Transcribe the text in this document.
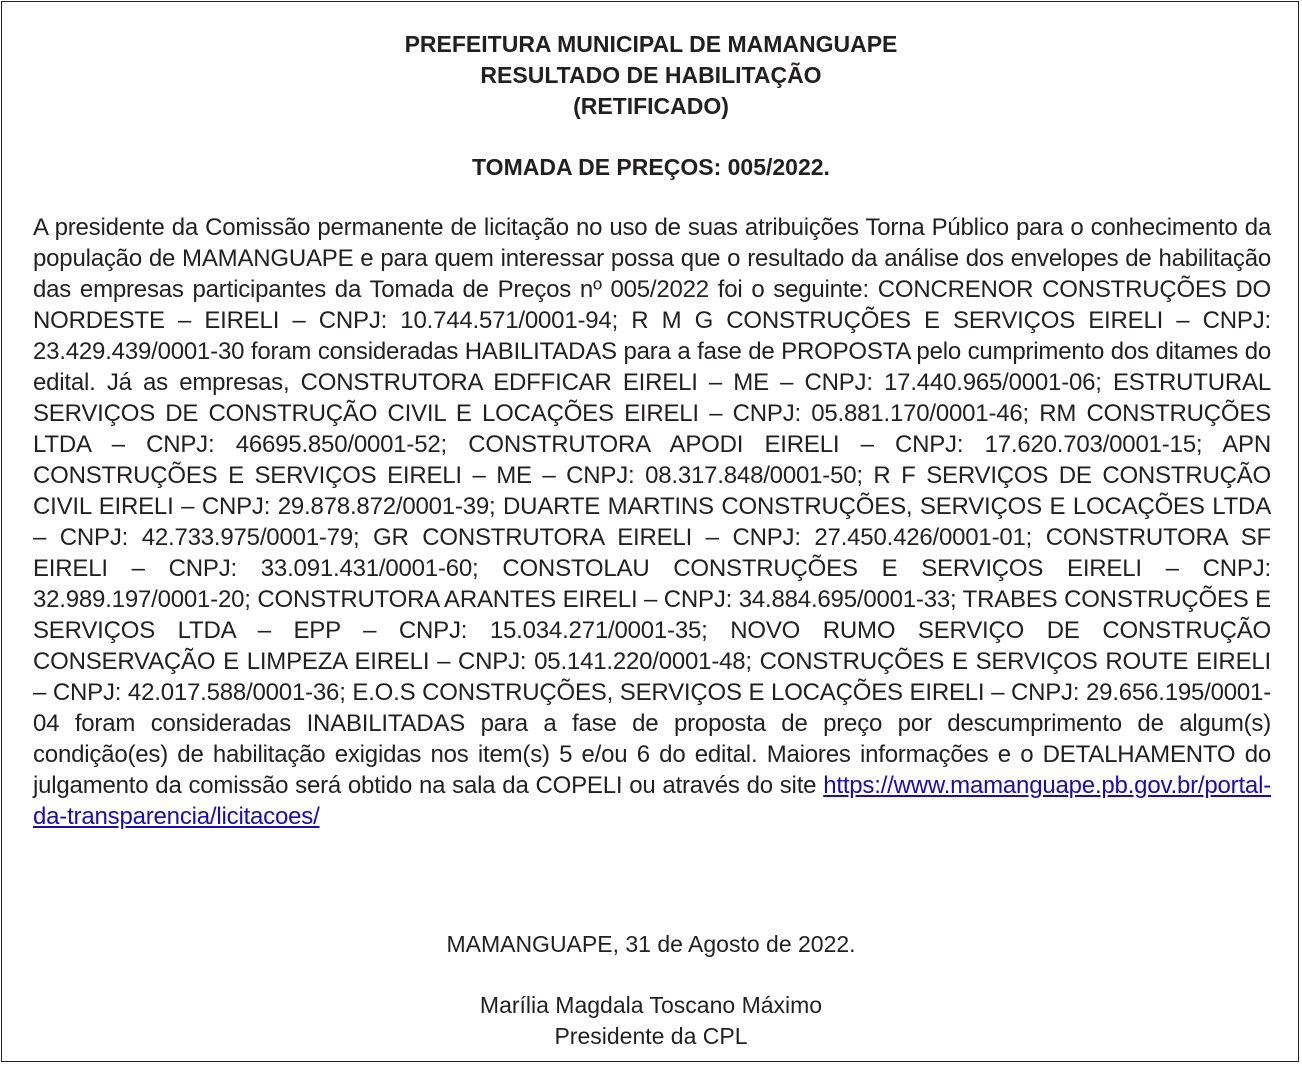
PREFEITURA MUNICIPAL DE MAMANGUAPE
RESULTADO DE HABILITAÇÃO
(RETIFICADO)
TOMADA DE PREÇOS: 005/2022.
A presidente da Comissão permanente de licitação no uso de suas atribuições Torna Público para o conhecimento da população de MAMANGUAPE e para quem interessar possa que o resultado da análise dos envelopes de habilitação das empresas participantes da Tomada de Preços nº 005/2022 foi o seguinte: CONCRENOR CONSTRUÇÕES DO NORDESTE – EIRELI – CNPJ: 10.744.571/0001-94; R M G CONSTRUÇÕES E SERVIÇOS EIRELI – CNPJ: 23.429.439/0001-30 foram consideradas HABILITADAS para a fase de PROPOSTA pelo cumprimento dos ditames do edital. Já as empresas, CONSTRUTORA EDFFICAR EIRELI – ME – CNPJ: 17.440.965/0001-06; ESTRUTURAL SERVIÇOS DE CONSTRUÇÃO CIVIL E LOCAÇÕES EIRELI – CNPJ: 05.881.170/0001-46; RM CONSTRUÇÕES LTDA – CNPJ: 46695.850/0001-52; CONSTRUTORA APODI EIRELI – CNPJ: 17.620.703/0001-15; APN CONSTRUÇÕES E SERVIÇOS EIRELI – ME – CNPJ: 08.317.848/0001-50; R F SERVIÇOS DE CONSTRUÇÃO CIVIL EIRELI – CNPJ: 29.878.872/0001-39; DUARTE MARTINS CONSTRUÇÕES, SERVIÇOS E LOCAÇÕES LTDA – CNPJ: 42.733.975/0001-79; GR CONSTRUTORA EIRELI – CNPJ: 27.450.426/0001-01; CONSTRUTORA SF EIRELI – CNPJ: 33.091.431/0001-60; CONSTOLAU CONSTRUÇÕES E SERVIÇOS EIRELI – CNPJ: 32.989.197/0001-20; CONSTRUTORA ARANTES EIRELI – CNPJ: 34.884.695/0001-33; TRABES CONSTRUÇÕES E SERVIÇOS LTDA – EPP – CNPJ: 15.034.271/0001-35; NOVO RUMO SERVIÇO DE CONSTRUÇÃO CONSERVAÇÃO E LIMPEZA EIRELI – CNPJ: 05.141.220/0001-48; CONSTRUÇÕES E SERVIÇOS ROUTE EIRELI – CNPJ: 42.017.588/0001-36; E.O.S CONSTRUÇÕES, SERVIÇOS E LOCAÇÕES EIRELI – CNPJ: 29.656.195/0001-04 foram consideradas INABILITADAS para a fase de proposta de preço por descumprimento de algum(s) condição(es) de habilitação exigidas nos item(s) 5 e/ou 6 do edital. Maiores informações e o DETALHAMENTO do julgamento da comissão será obtido na sala da COPELI ou através do site https://www.mamanguape.pb.gov.br/portal-da-transparencia/licitacoes/
MAMANGUAPE, 31 de Agosto de 2022.
Marília Magdala Toscano Máximo
Presidente da CPL
